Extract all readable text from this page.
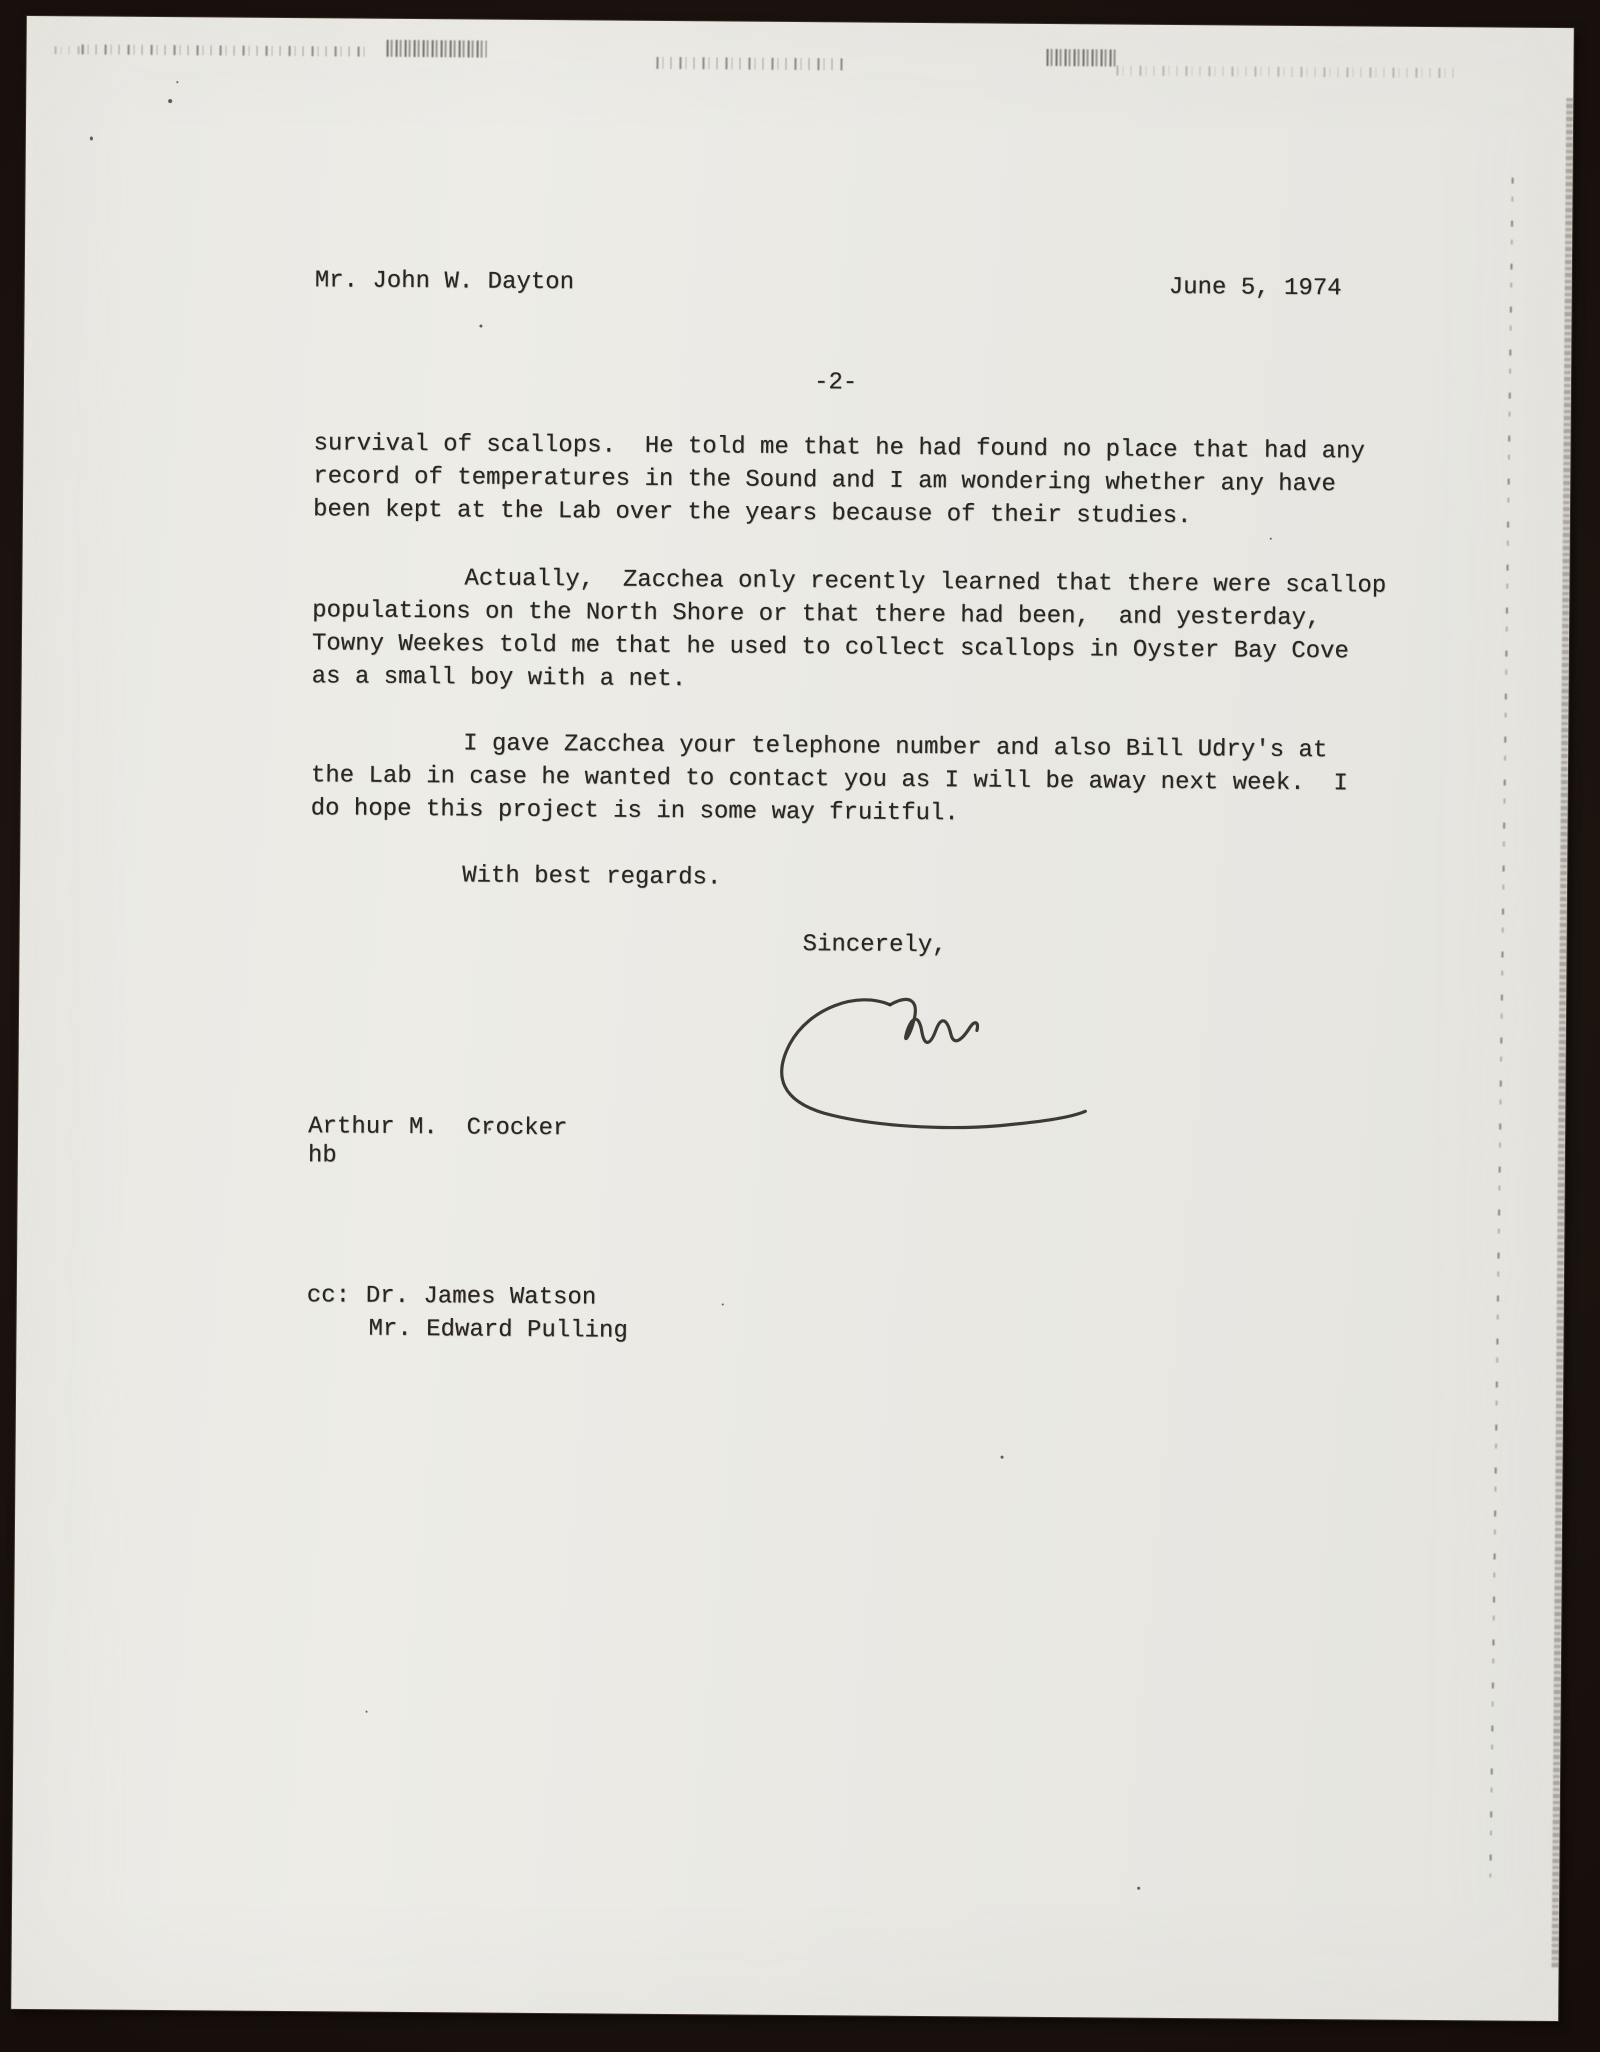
Mr. John W. Dayton	June 5, 1974
-2-
survival of scallops.  He told me that he had found no place that had any
record of temperatures in the Sound and I am wondering whether any have
been kept at the Lab over the years because of their studies.
Actually,  Zacchea only recently learned that there were scallop
populations on the North Shore or that there had been,  and yesterday,
Towny Weekes told me that he used to collect scallops in Oyster Bay Cove
as a small boy with a net.
I gave Zacchea your telephone number and also Bill Udry's at
the Lab in case he wanted to contact you as I will be away next week.  I
do hope this project is in some way fruitful.
With best regards.
Sincerely,
Arthur M.  Crocker
hb
cc: Dr. James Watson
Mr. Edward Pulling
